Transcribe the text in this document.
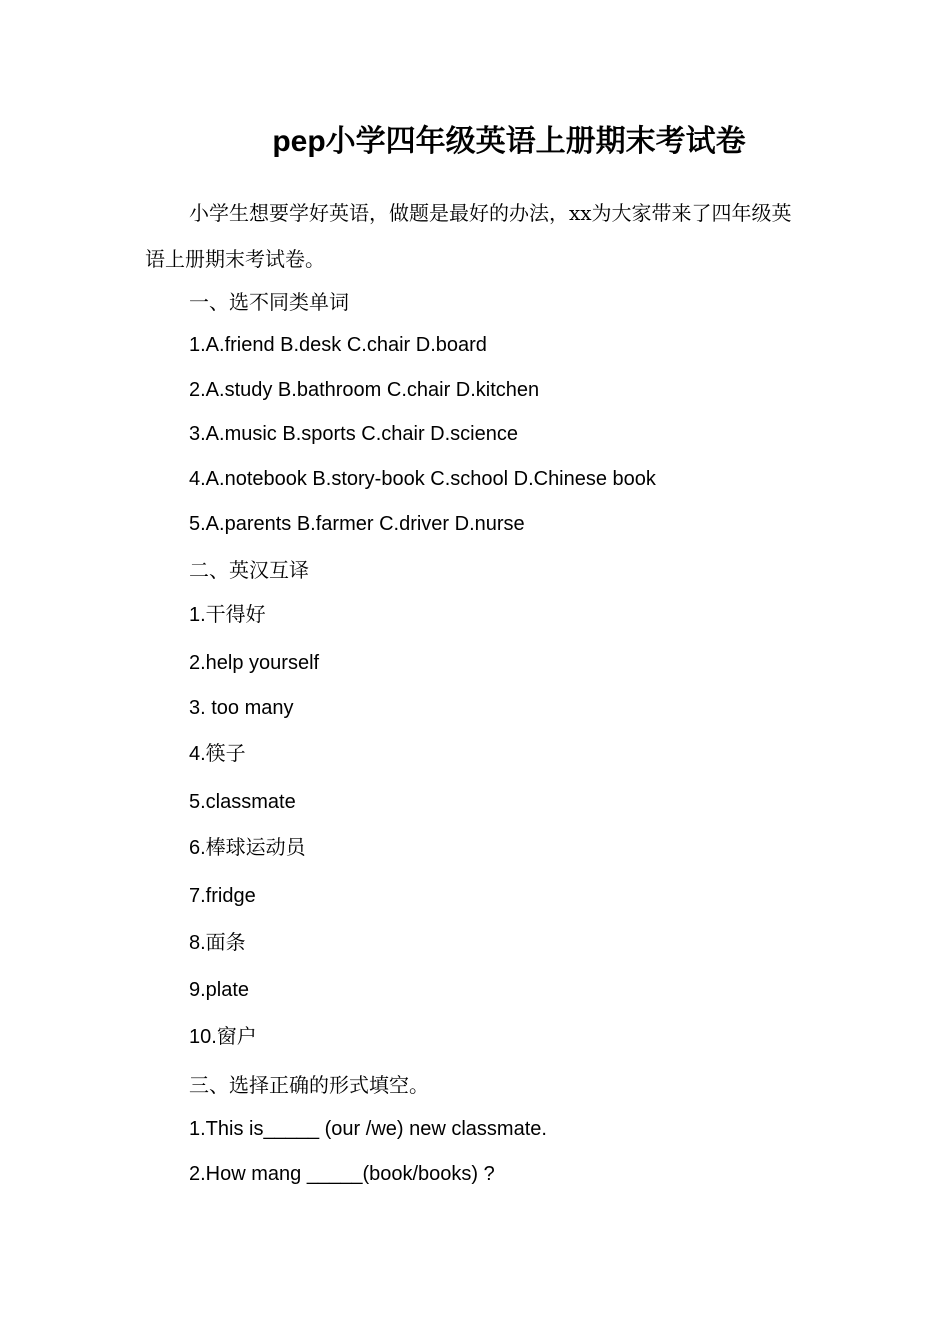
pep小学四年级英语上册期末考试卷
小学生想要学好英语，做题是最好的办法，xx为大家带来了四年级英语上册期末考试卷。
一、选不同类单词
1.A.friend B.desk C.chair D.board
2.A.study B.bathroom C.chair D.kitchen
3.A.music B.sports C.chair D.science
4.A.notebook B.story-book C.school D.Chinese book
5.A.parents B.farmer C.driver D.nurse
二、英汉互译
1.干得好
2.help yourself
3. too many
4.筷子
5.classmate
6.棒球运动员
7.fridge
8.面条
9.plate
10.窗户
三、选择正确的形式填空。
1.This is_____ (our /we) new classmate.
2.How mang _____(book/books) ?
